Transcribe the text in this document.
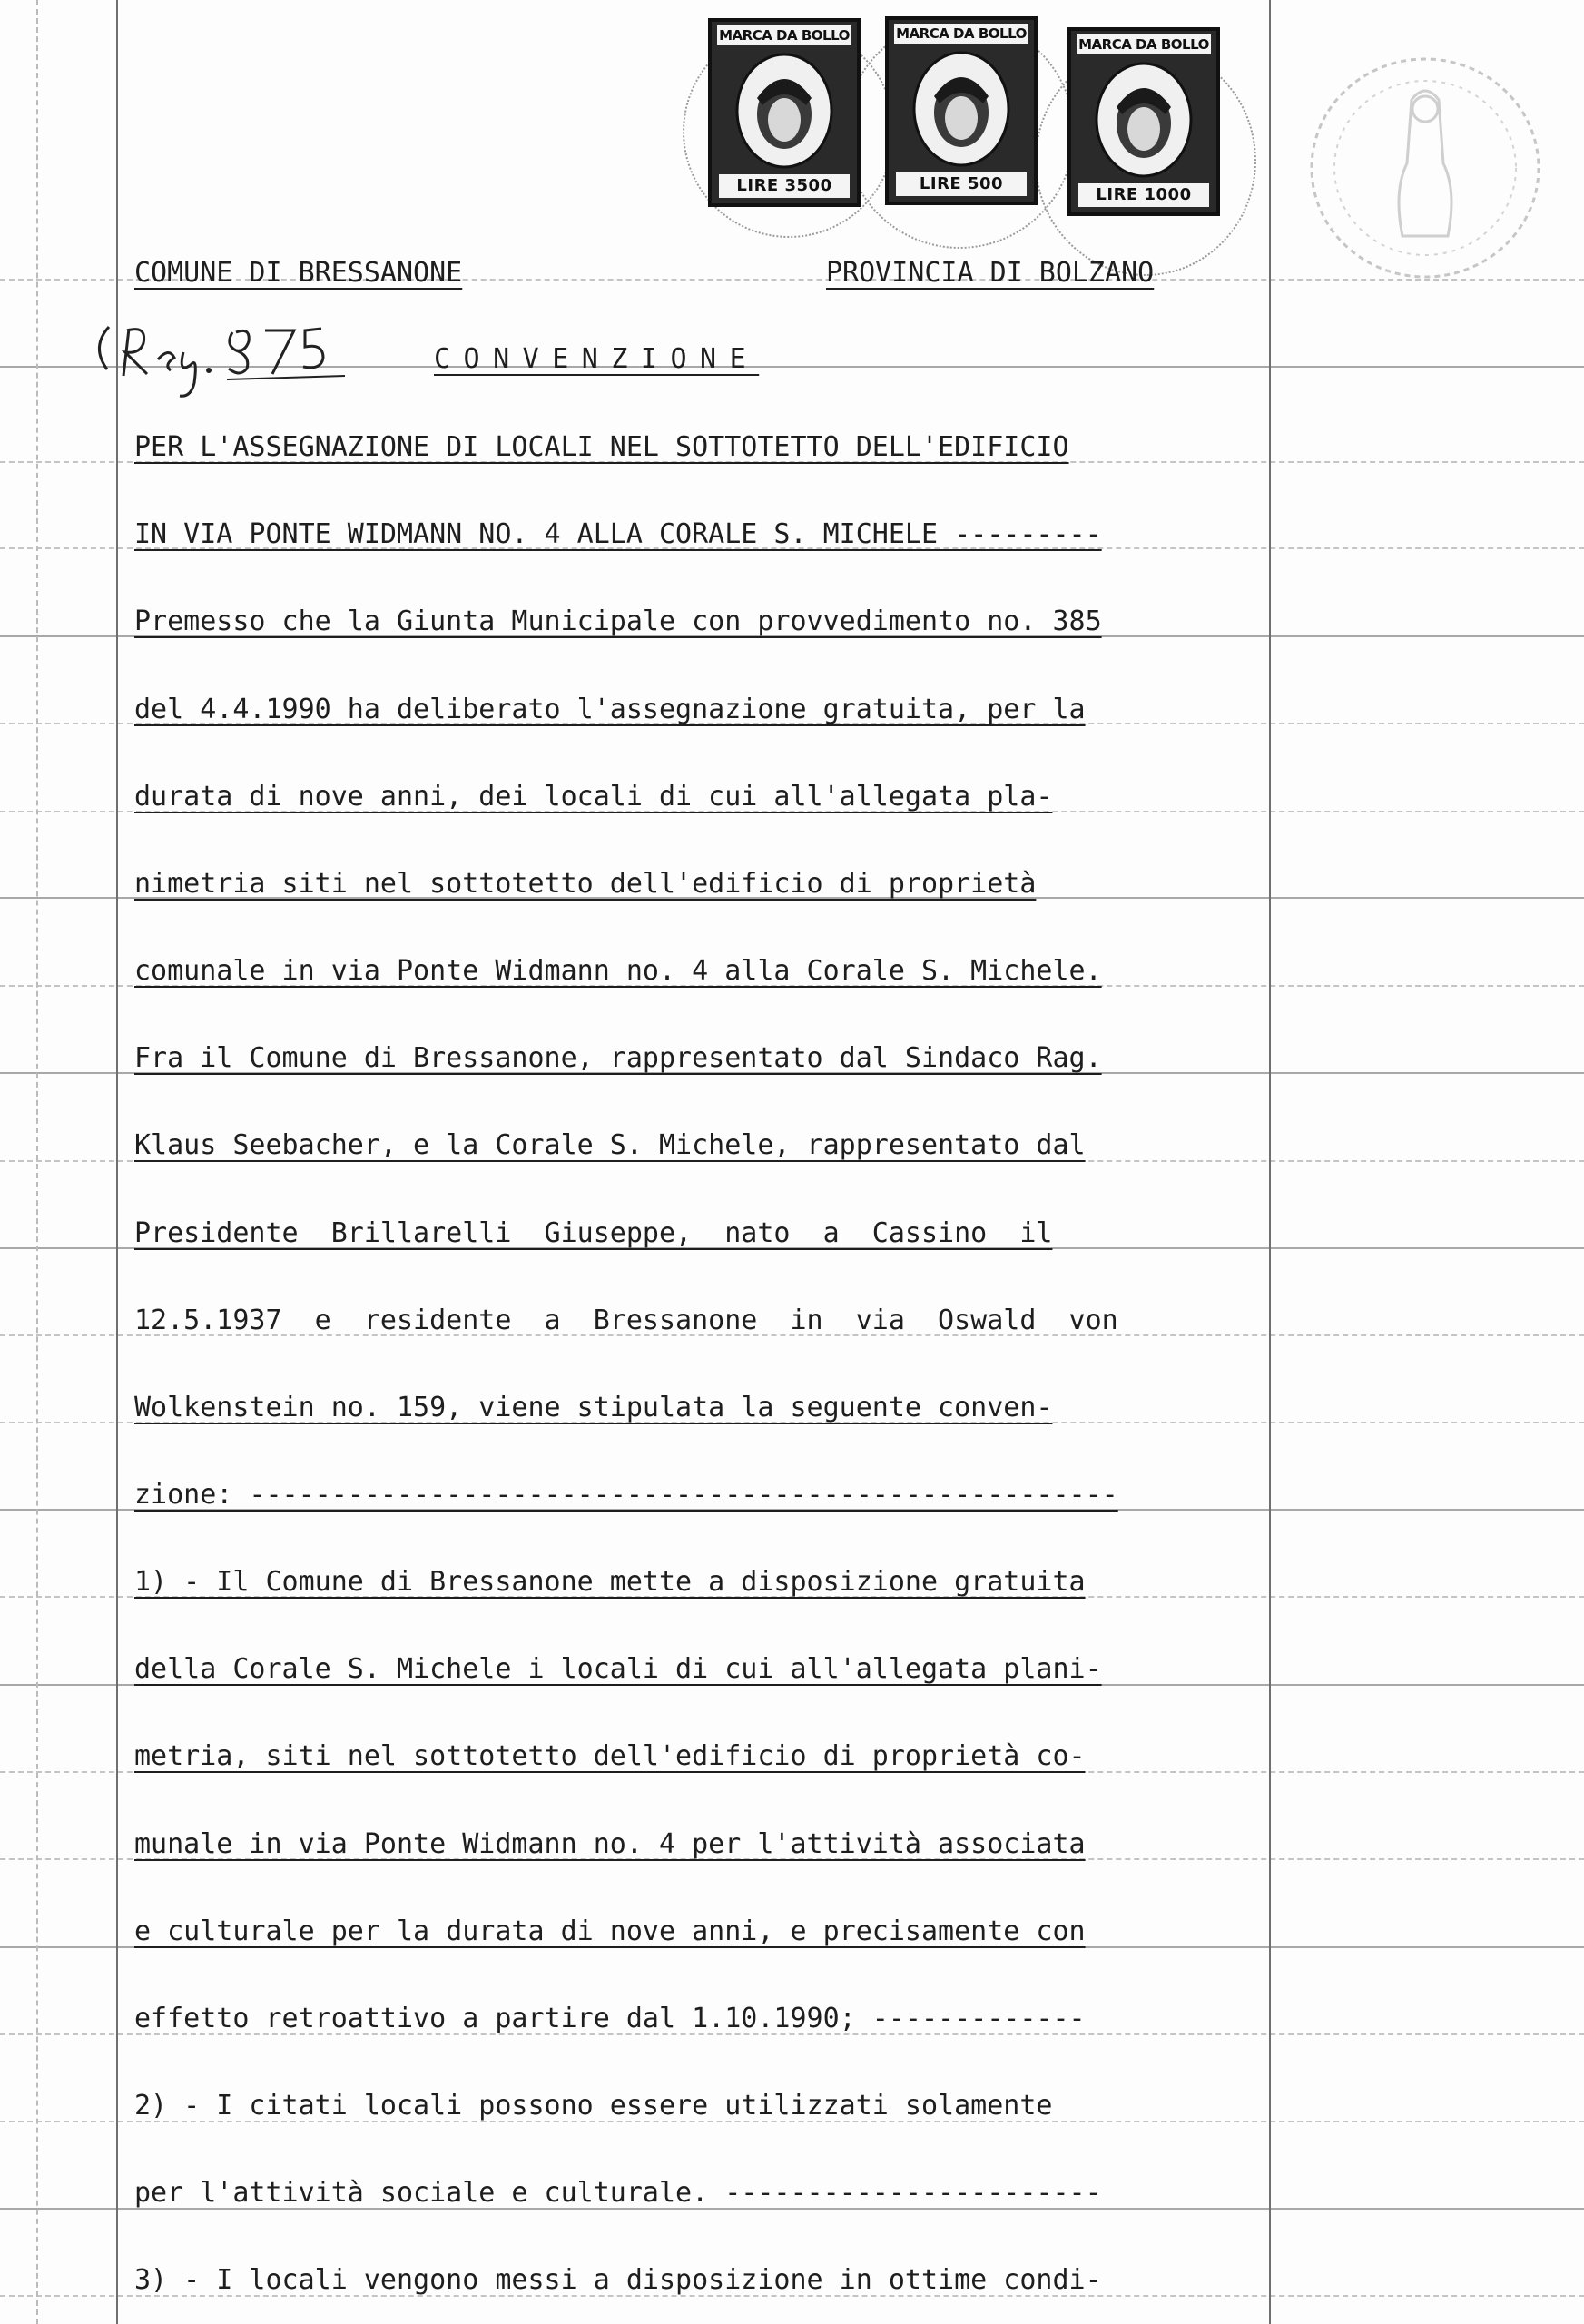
MARCA DA BOLLO
LIRE 3500
MARCA DA BOLLO
LIRE 500
MARCA DA BOLLO
LIRE 1000

COMUNE DI BRESSANONE	PROVINCIA DI BOLZANO

CONVENZIONE

PER L'ASSEGNAZIONE DI LOCALI NEL SOTTOTETTO DELL'EDIFICIO

IN VIA PONTE WIDMANN NO. 4 ALLA CORALE S. MICHELE ---------

Premesso che la Giunta Municipale con provvedimento no. 385

del 4.4.1990 ha deliberato l'assegnazione gratuita, per la

durata di nove anni, dei locali di cui all'allegata pla-

nimetria siti nel sottotetto dell'edificio di proprietà

comunale in via Ponte Widmann no. 4 alla Corale S. Michele.

Fra il Comune di Bressanone, rappresentato dal Sindaco Rag.

Klaus Seebacher, e la Corale S. Michele, rappresentato dal

Presidente  Brillarelli  Giuseppe,  nato  a  Cassino  il

12.5.1937  e  residente  a  Bressanone  in  via  Oswald  von

Wolkenstein no. 159, viene stipulata la seguente conven-

zione: -----------------------------------------------------

1) - Il Comune di Bressanone mette a disposizione gratuita

della Corale S. Michele i locali di cui all'allegata plani-

metria, siti nel sottotetto dell'edificio di proprietà co-

munale in via Ponte Widmann no. 4 per l'attività associata

e culturale per la durata di nove anni, e precisamente con

effetto retroattivo a partire dal 1.10.1990; -------------

2) - I citati locali possono essere utilizzati solamente

per l'attività sociale e culturale. -----------------------

3) - I locali vengono messi a disposizione in ottime condi-
